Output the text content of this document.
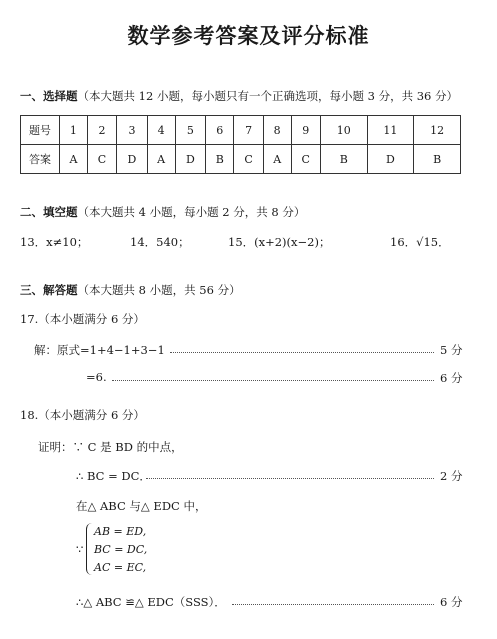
数学参考答案及评分标准
一、选择题（本大题共 12 小题，每小题只有一个正确选项，每小题 3 分，共 36 分）
题号	1	2	3	4	5	6	7	8	9	10	11	12
答案	A	C	D	A	D	B	C	A	C	B	D	B
二、填空题（本大题共 4 小题，每小题 2 分，共 8 分）
13．x≠10；	14．540；	15．(x+2)(x−2)；	16．√15．
三、解答题（本大题共 8 小题，共 56 分）
17.（本小题满分 6 分）
解：原式=1+4−1+3−1	5 分
=6.	6 分
18.（本小题满分 6 分）
证明：∵ C 是 BD 的中点，
∴ BC = DC．	2 分
在△ ABC 与△ EDC 中，
∵
AB = ED,
BC = DC,
AC = EC,
∴△ ABC ≌△ EDC（SSS）．	6 分
